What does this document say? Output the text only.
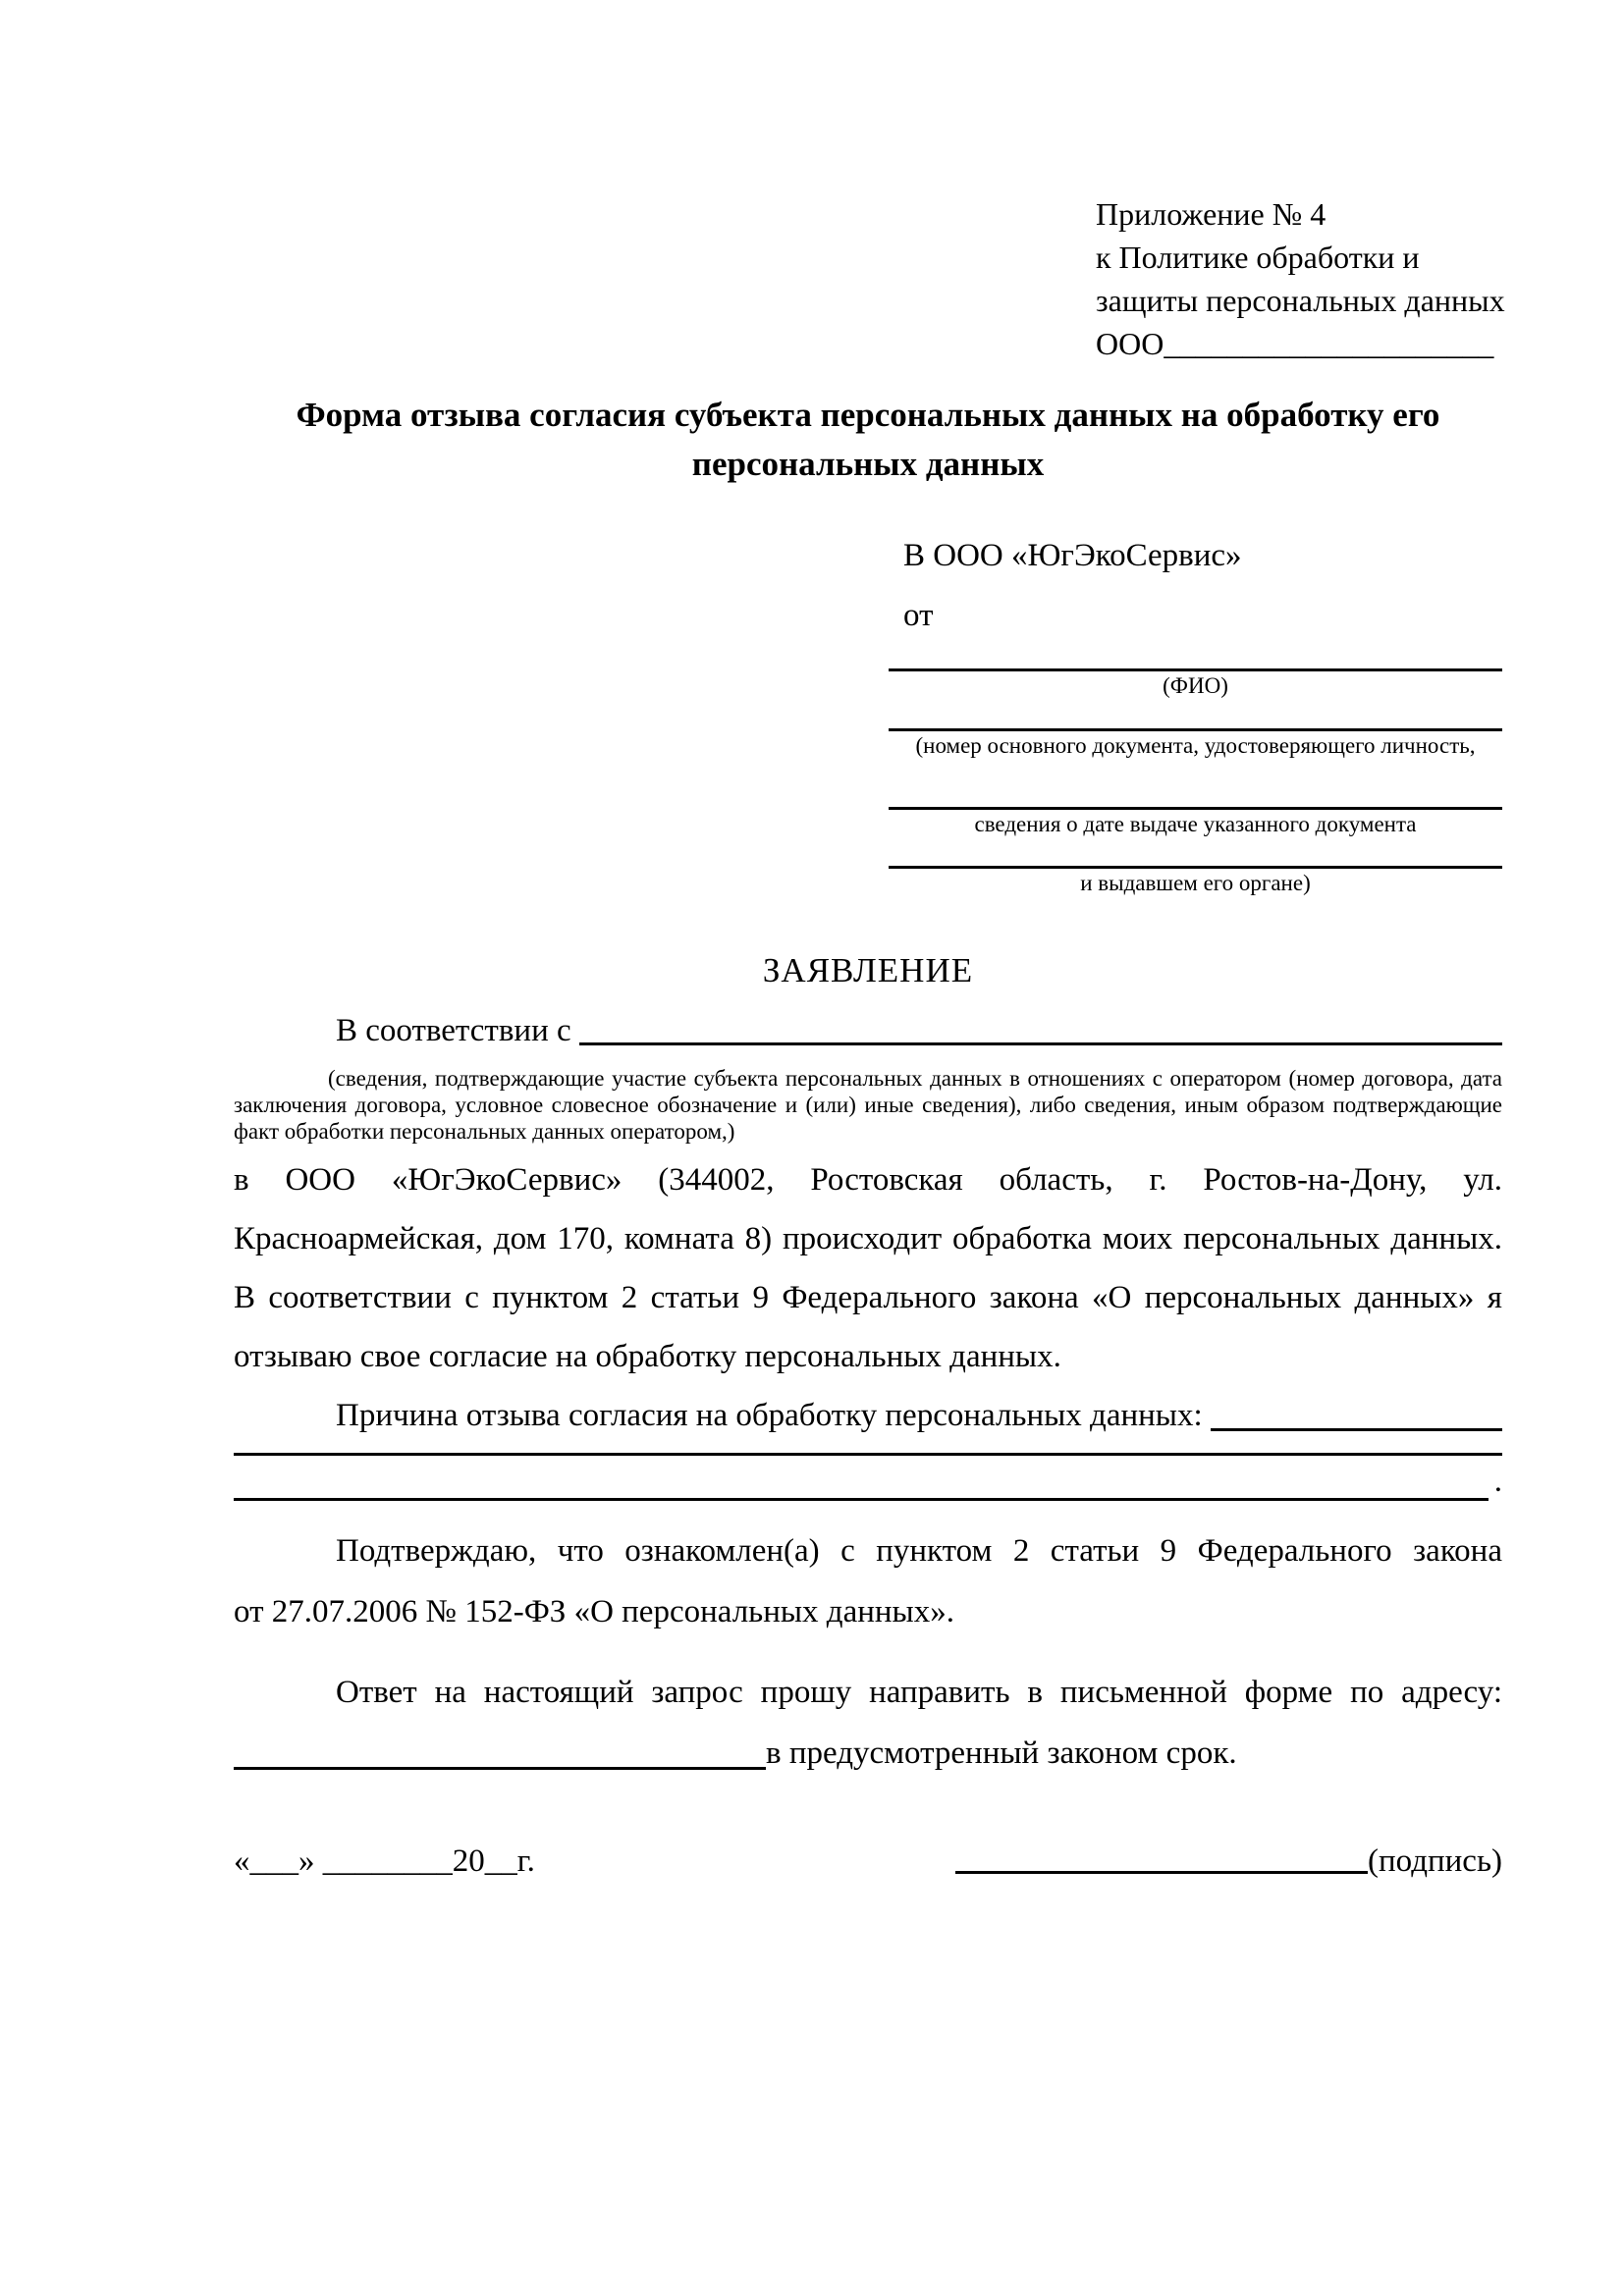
Приложение № 4
к Политике обработки и
защиты персональных данных
ООО_____________________
Форма отзыва согласия субъекта персональных данных на обработку его персональных данных
В ООО «ЮгЭкоСервис»
от
(ФИО)
(номер основного документа, удостоверяющего личность,
сведения о дате выдаче указанного документа
и выдавшем его органе)
ЗАЯВЛЕНИЕ
В соответствии с

(сведения, подтверждающие участие субъекта персональных данных в отношениях с оператором (номер договора, дата заключения договора, условное словесное обозначение и (или) иные сведения), либо сведения, иным образом подтверждающие факт обработки персональных данных оператором,)

в ООО «ЮгЭкоСервис» (344002, Ростовская область, г. Ростов-на-Дону, ул. Красноармейская, дом 170, комната 8) происходит обработка моих персональных данных. В соответствии с пунктом 2 статьи 9 Федерального закона «О персональных данных» я отзываю свое согласие на обработку персональных данных.

Причина отзыва согласия на обработку персональных данных:
.
Подтверждаю, что ознакомлен(а) с пунктом 2 статьи 9 Федерального закона
от 27.07.2006 № 152-ФЗ «О персональных данных».
Ответ на настоящий запрос прошу направить в письменной форме по адресу:
в предусмотренный законом срок.
«___» ________20__г.	(подпись)
